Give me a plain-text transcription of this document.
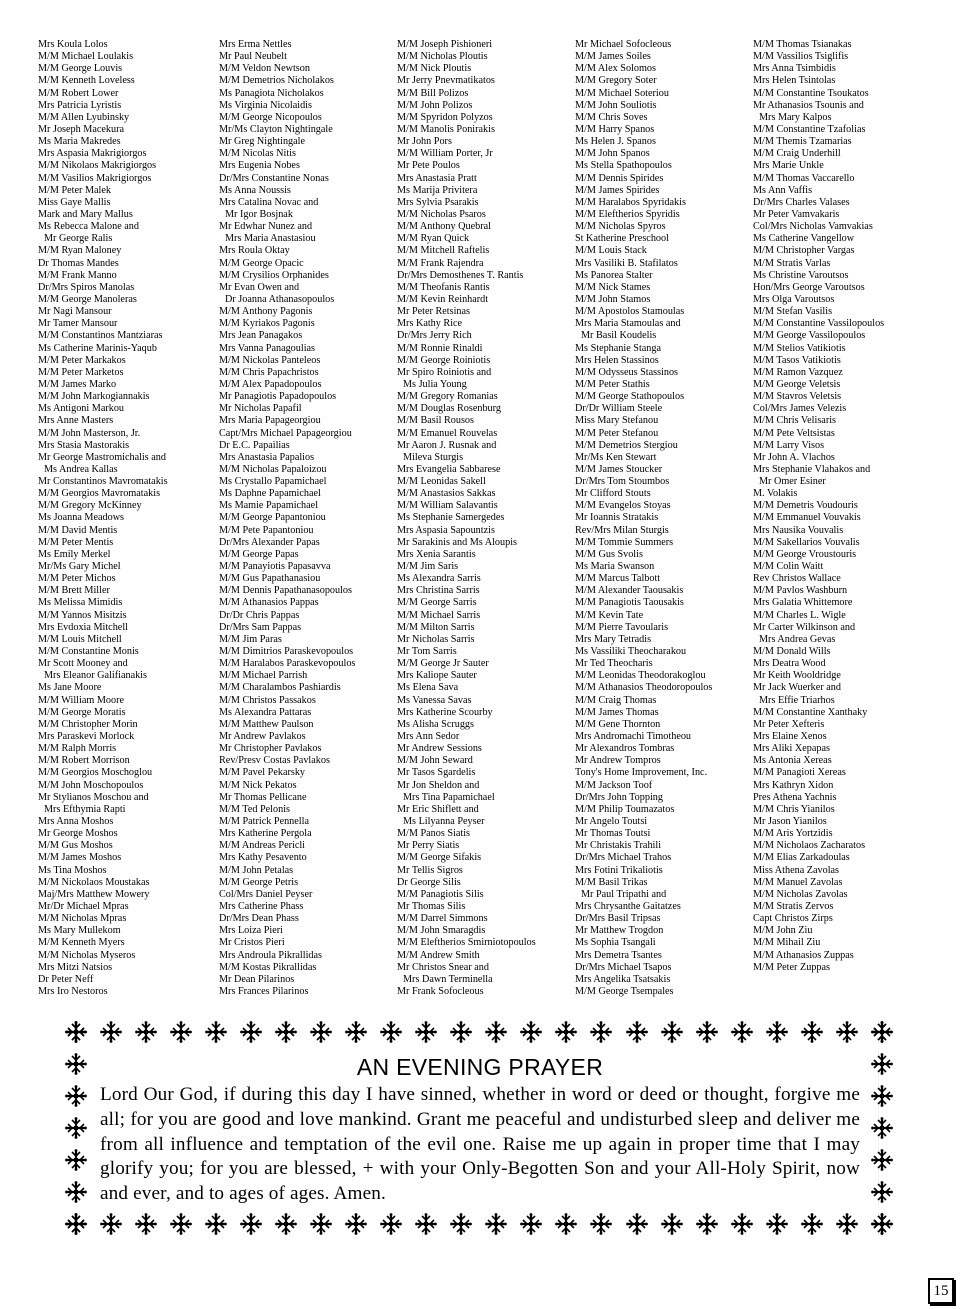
Mrs Koula Lolos
M/M Michael Loulakis
M/M George Louvis
M/M Kenneth Loveless
M/M Robert Lower
Mrs Patricia Lyristis
M/M Allen Lyubinsky
Mr Joseph Macekura
Ms Maria Makredes
Mrs Aspasia Makrigiorgos
M/M Nikolaos Makrigiorgos
M/M Vasilios Makrigiorgos
M/M Peter Malek
Miss Gaye Mallis
Mark and Mary Mallus
Ms Rebecca Malone and
Mr George Ralis
M/M Ryan Maloney
Dr Thomas Mandes
M/M Frank Manno
Dr/Mrs Spiros Manolas
M/M George Manoleras
Mr Nagi Mansour
Mr Tamer Mansour
M/M Constantinos Mantziaras
Ms Catherine Marinis-Yaqub
M/M Peter Markakos
M/M Peter Marketos
M/M James Marko
M/M John Markogiannakis
Ms Antigoni Markou
Mrs Anne Masters
M/M John Masterson, Jr.
Mrs Stasia Mastorakis
Mr George Mastromichalis and
Ms Andrea Kallas
Mr Constantinos Mavromatakis
M/M Georgios Mavromatakis
M/M Gregory McKinney
Ms Joanna Meadows
M/M David Mentis
M/M Peter Mentis
Ms Emily Merkel
Mr/Ms Gary Michel
M/M Peter Michos
M/M Brett Miller
Ms Melissa Mimidis
M/M Yannos Misitzis
Mrs Evdoxia Mitchell
M/M Louis Mitchell
M/M Constantine Monis
Mr Scott Mooney and
Mrs Eleanor Galifianakis
Ms Jane Moore
M/M William Moore
M/M George Moratis
M/M Christopher Morin
Mrs Paraskevi Morlock
M/M Ralph Morris
M/M Robert Morrison
M/M Georgios Moschoglou
M/M John Moschopoulos
Mr Stylianos Moschou and
Mrs Efthymia Rapti
Mrs Anna Moshos
Mr George Moshos
M/M Gus Moshos
M/M James Moshos
Ms Tina Moshos
M/M Nickolaos Moustakas
Maj/Mrs Matthew Mowery
Mr/Dr Michael Mpras
M/M Nicholas Mpras
Ms Mary Mullekom
M/M Kenneth Myers
M/M Nicholas Myseros
Mrs Mitzi Natsios
Dr Peter Neff
Mrs Iro Nestoros
Mrs Erma Nettles
Mr Paul Neubelt
M/M Veldon Newtson
M/M Demetrios Nicholakos
Ms Panagiota Nicholakos
Ms Virginia Nicolaidis
M/M George Nicopoulos
Mr/Ms Clayton Nightingale
Mr Greg Nightingale
M/M Nicolas Nitis
Mrs Eugenia Nobes
Dr/Mrs Constantine Nonas
Ms Anna Noussis
Mrs Catalina Novac and
Mr Igor Bosjnak
Mr Edwhar Nunez and
Mrs Maria Anastasiou
Mrs Roula Oktay
M/M George Opacic
M/M Crysilios Orphanides
Mr Evan Owen and
Dr Joanna Athanasopoulos
M/M Anthony Pagonis
M/M Kyriakos Pagonis
Mrs Jean Panagakos
Mrs Vanna Panagoulias
M/M Nickolas Panteleos
M/M Chris Papachristos
M/M Alex Papadopoulos
Mr Panagiotis Papadopoulos
Mr Nicholas Papafil
Mrs Maria Papageorgiou
Capt/Mrs Michael Papageorgiou
Dr E.C. Papailias
Mrs Anastasia Papalios
M/M Nicholas Papaloizou
Ms Crystallo Papamichael
Ms Daphne Papamichael
Ms Mamie Papamichael
M/M George Papantoniou
M/M Pete Papantoniou
Dr/Mrs Alexander Papas
M/M George Papas
M/M Panayiotis Papasavva
M/M Gus Papathanasiou
M/M Dennis Papathanasopoulos
M/M Athanasios Pappas
Dr/Dr Chris Pappas
Dr/Mrs Sam Pappas
M/M Jim Paras
M/M Dimitrios Paraskevopoulos
M/M Haralabos Paraskevopoulos
M/M Michael Parrish
M/M Charalambos Pashiardis
M/M Christos Passakos
Ms Alexandra Pattaras
M/M Matthew Paulson
Mr Andrew Pavlakos
Mr Christopher Pavlakos
Rev/Presv Costas Pavlakos
M/M Pavel Pekarsky
M/M Nick Pekatos
Mr Thomas Pellicane
M/M Ted Pelonis
M/M Patrick Pennella
Mrs Katherine Pergola
M/M Andreas Pericli
Mrs Kathy Pesavento
M/M John Petalas
M/M George Petris
Col/Mrs Daniel Peyser
Mrs Catherine Phass
Dr/Mrs Dean Phass
Mrs Loiza Pieri
Mr Cristos Pieri
Mrs Androula Pikrallidas
M/M Kostas Pikrallidas
Mr Dean Pilarinos
Mrs Frances Pilarinos
M/M Joseph Pishioneri
M/M Nicholas Ploutis
M/M Nick Ploutis
Mr Jerry Pnevmatikatos
M/M Bill Polizos
M/M John Polizos
M/M Spyridon Polyzos
M/M Manolis Ponirakis
Mr John Pors
M/M William Porter, Jr
Mr Pete Poulos
Mrs Anastasia Pratt
Ms Marija Privitera
Mrs Sylvia Psarakis
M/M Nicholas Psaros
M/M Anthony Quebral
M/M Ryan Quick
M/M Mitchell Raftelis
M/M Frank Rajendra
Dr/Mrs Demosthenes T. Rantis
M/M Theofanis Rantis
M/M Kevin Reinhardt
Mr Peter Retsinas
Mrs Kathy Rice
Dr/Mrs Jerry Rich
M/M Ronnie Rinaldi
M/M George Roiniotis
Mr Spiro Roiniotis and
Ms Julia Young
M/M Gregory Romanias
M/M Douglas Rosenburg
M/M Basil Rousos
M/M Emanuel Rouvelas
Mr Aaron J. Rusnak and
Mileva Sturgis
Mrs Evangelia Sabbarese
M/M Leonidas Sakell
M/M Anastasios Sakkas
M/M William Salavantis
Ms Stephanie Samergedes
Mrs Aspasia Sapountzis
Mr Sarakinis and Ms Aloupis
Mrs Xenia Sarantis
M/M Jim Saris
Ms Alexandra Sarris
Mrs Christina Sarris
M/M George Sarris
M/M Michael Sarris
M/M Milton Sarris
Mr Nicholas Sarris
Mr Tom Sarris
M/M George Jr Sauter
Mrs Kaliope Sauter
Ms Elena Sava
Ms Vanessa Savas
Mrs Katherine Scourby
Ms Alisha Scruggs
Mrs Ann Sedor
Mr Andrew Sessions
M/M John Seward
Mr Tasos Sgardelis
Mr Jon Sheldon and
Mrs Tina Papamichael
Mr Eric Shiflett and
Ms Lilyanna Peyser
M/M Panos Siatis
Mr Perry Siatis
M/M George Sifakis
Mr Tellis Sigros
Dr George Silis
M/M Panagiotis Silis
Mr Thomas Silis
M/M Darrel Simmons
M/M John Smaragdis
M/M Eleftherios Smirniotopoulos
M/M Andrew Smith
Mr Christos Snear and
Mrs Dawn Terminella
Mr Frank Sofocleous
Mr Michael Sofocleous
M/M James Soiles
M/M Alex Solomos
M/M Gregory Soter
M/M Michael Soteriou
M/M John Souliotis
M/M Chris Soves
M/M Harry Spanos
Ms Helen J. Spanos
M/M John Spanos
Ms Stella Spathopoulos
M/M Dennis Spirides
M/M James Spirides
M/M Haralabos Spyridakis
M/M Eleftherios Spyridis
M/M Nicholas Spyros
St Katherine Preschool
M/M Louis Stack
Mrs Vasiliki B. Stafilatos
Ms Panorea Stalter
M/M Nick Stames
M/M John Stamos
M/M Apostolos Stamoulas
Mrs Maria Stamoulas and
Mr Basil Koudelis
Ms Stephanie Stanga
Mrs Helen Stassinos
M/M Odysseus Stassinos
M/M Peter Stathis
M/M George Stathopoulos
Dr/Dr William Steele
Miss Mary Stefanou
M/M Peter Stefanou
M/M Demetrios Stergiou
Mr/Ms Ken Stewart
M/M James Stoucker
Dr/Mrs Tom Stoumbos
Mr Clifford Stouts
M/M Evangelos Stoyas
Mr Ioannis Stratakis
Rev/Mrs Milan Sturgis
M/M Tommie Summers
M/M Gus Svolis
Ms Maria Swanson
M/M Marcus Talbott
M/M Alexander Taousakis
M/M Panagiotis Taousakis
M/M Kevin Tate
M/M Pierre Tavoularis
Mrs Mary Tetradis
Ms Vassiliki Theocharakou
Mr Ted Theocharis
M/M Leonidas Theodorakoglou
M/M Athanasios Theodoropoulos
M/M Craig Thomas
M/M James Thomas
M/M Gene Thornton
Mrs Andromachi Timotheou
Mr Alexandros Tombras
Mr Andrew Tompros
Tony's Home Improvement, Inc.
M/M Jackson Toof
Dr/Mrs John Topping
M/M Philip Toumazatos
Mr Angelo Toutsi
Mr Thomas Toutsi
Mr Christakis Trahili
Dr/Mrs Michael Trahos
Mrs Fotini Trikaliotis
M/M Basil Trikas
Mr Paul Tripathi and
Mrs Chrysanthe Gaitatzes
Dr/Mrs Basil Tripsas
Mr Matthew Trogdon
Ms Sophia Tsangali
Mrs Demetra Tsantes
Dr/Mrs Michael Tsapos
Mrs Angelika Tsatsakis
M/M George Tsempales
M/M Thomas Tsianakas
M/M Vassilios Tsiglifis
Mrs Anna Tsimbidis
Mrs Helen Tsintolas
M/M Constantine Tsoukatos
Mr Athanasios Tsounis and
Mrs Mary Kalpos
M/M Constantine Tzafolias
M/M Themis Tzamarias
M/M Craig Underhill
Mrs Marie Unkle
M/M Thomas Vaccarello
Ms Ann Vaffis
Dr/Mrs Charles Valases
Mr Peter Vamvakaris
Col/Mrs Nicholas Vamvakias
Ms Catherine Vangellow
M/M Christopher Vargas
M/M Stratis Varlas
Ms Christine Varoutsos
Hon/Mrs George Varoutsos
Mrs Olga Varoutsos
M/M Stefan Vasilis
M/M Constantine Vassilopoulos
M/M George Vassilopoulos
M/M Stelios Vatikiotis
M/M Tasos Vatikiotis
M/M Ramon Vazquez
M/M George Veletsis
M/M Stavros Veletsis
Col/Mrs James Velezis
M/M Chris Velisaris
M/M Pete Veltsistas
M/M Larry Visos
Mr John A. Vlachos
Mrs Stephanie Vlahakos and
Mr Omer Esiner
M. Volakis
M/M Demetris Voudouris
M/M Emmanuel Vouvakis
Mrs Nausika Vouvalis
M/M Sakellarios Vouvalis
M/M George Vroustouris
M/M Colin Waitt
Rev Christos Wallace
M/M Pavlos Washburn
Mrs Galatia Whittemore
M/M Charles L. Wigle
Mr Carter Wilkinson and
Mrs Andrea Gevas
M/M Donald Wills
Mrs Deatra Wood
Mr Keith Wooldridge
Mr Jack Wuerker and
Mrs Effie Triarhos
M/M Constantine Xanthaky
Mr Peter Xefteris
Mrs Elaine Xenos
Mrs Aliki Xepapas
Ms Antonia Xereas
M/M Panagioti Xereas
Mrs Kathryn Xidon
Pres Athena Yachnis
M/M Chris Yianilos
Mr Jason Yianilos
M/M Aris Yortzidis
M/M Nicholaos Zacharatos
M/M Elias Zarkadoulas
Miss Athena Zavolas
M/M Manuel Zavolas
M/M Nicholas Zavolas
M/M Stratis Zervos
Capt Christos Zirps
M/M John Ziu
M/M Mihail Ziu
M/M Athanasios Zuppas
M/M Peter Zuppas
AN EVENING PRAYER

Lord Our God, if during this day I have sinned, whether in word or deed or thought, forgive me all; for you are good and love mankind. Grant me peaceful and undisturbed sleep and deliver me from all influence and temptation of the evil one. Raise me up again in proper time that I may glorify you; for you are blessed, + with your Only-Begotten Son and your All-Holy Spirit, now and ever, and to ages of ages. Amen.

15
